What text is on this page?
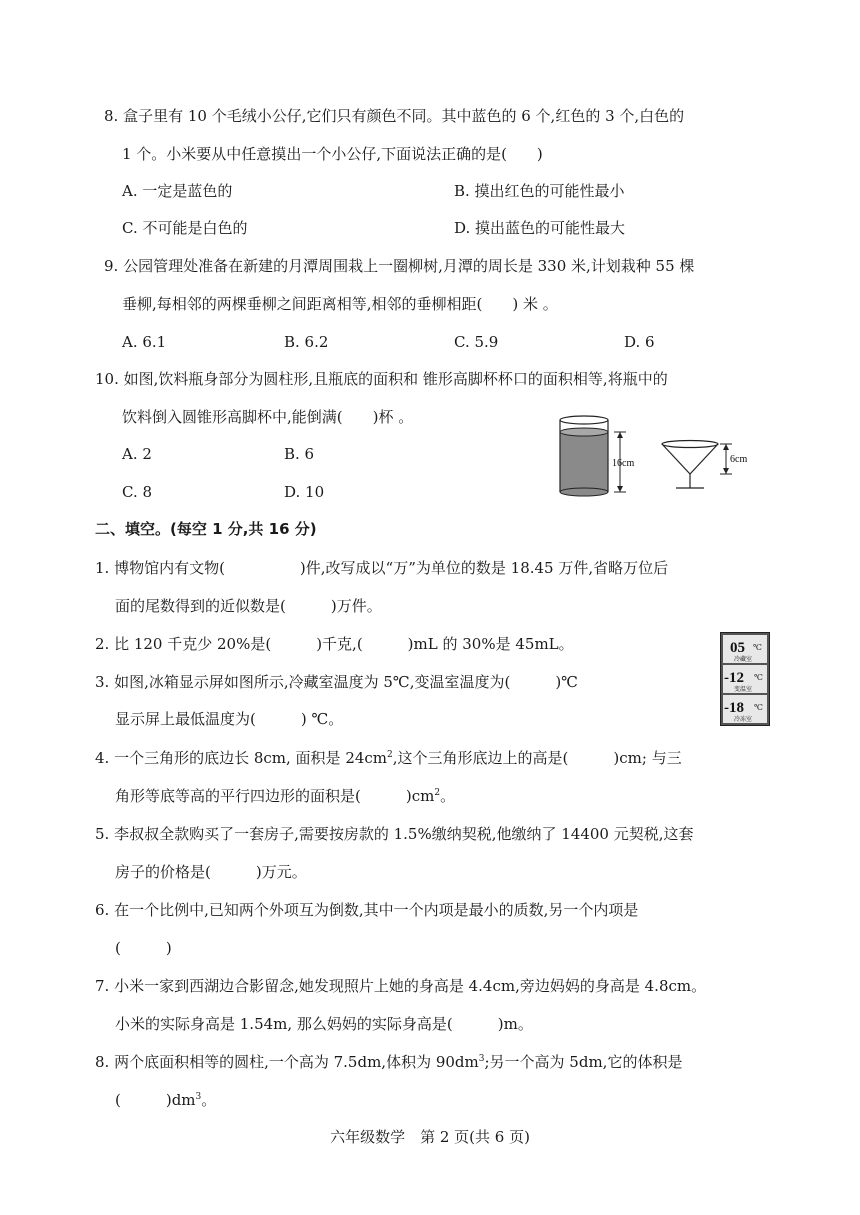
8. 盒子里有 10 个毛绒小公仔,它们只有颜色不同。其中蓝色的 6 个,红色的 3 个,白色的
1 个。小米要从中任意摸出一个小公仔,下面说法正确的是(　　)
A. 一定是蓝色的	B. 摸出红色的可能性最小
C. 不可能是白色的	D. 摸出蓝色的可能性最大
9. 公园管理处准备在新建的月潭周围栽上一圈柳树,月潭的周长是 330 米,计划栽种 55 棵
垂柳,每相邻的两棵垂柳之间距离相等,相邻的垂柳相距(　　) 米 。
A. 6.1	B. 6.2	C. 5.9	D. 6
10. 如图,饮料瓶身部分为圆柱形,且瓶底的面积和 锥形高脚杯杯口的面积相等,将瓶中的
饮料倒入圆锥形高脚杯中,能倒满(　　)杯 。
A. 2	B. 6
C. 8	D. 10
16cm	6cm
二、填空。(每空 1 分,共 16 分)
1. 博物馆内有文物(　　　　　)件,改写成以“万”为单位的数是 18.45 万件,省略万位后
面的尾数得到的近似数是(　　　)万件。
2. 比 120 千克少 20%是(　　　)千克,(　　　)mL 的 30%是 45mL。
3. 如图,冰箱显示屏如图所示,冷藏室温度为 5℃,变温室温度为(　　　)℃
显示屏上最低温度为(　　　) ℃。
05 ℃
冷藏室
-12 ℃
变温室
-18 ℃
冷冻室
4. 一个三角形的底边长 8cm, 面积是 $24cm^2$,这个三角形底边上的高是(　　　)cm; 与三
角形等底等高的平行四边形的面积是(　　　)$cm^2$。
5. 李叔叔全款购买了一套房子,需要按房款的 1.5%缴纳契税,他缴纳了 14400 元契税,这套
房子的价格是(　　　)万元。
6. 在一个比例中,已知两个外项互为倒数,其中一个内项是最小的质数,另一个内项是
(　　　)
7. 小米一家到西湖边合影留念,她发现照片上她的身高是 4.4cm,旁边妈妈的身高是 4.8cm。
小米的实际身高是 1.54m, 那么妈妈的实际身高是(　　　)m。
8. 两个底面积相等的圆柱,一个高为 7.5dm,体积为 $90dm^3$;另一个高为 5dm,它的体积是
(　　　)$dm^3$。
六年级数学　第 2 页(共 6 页)
